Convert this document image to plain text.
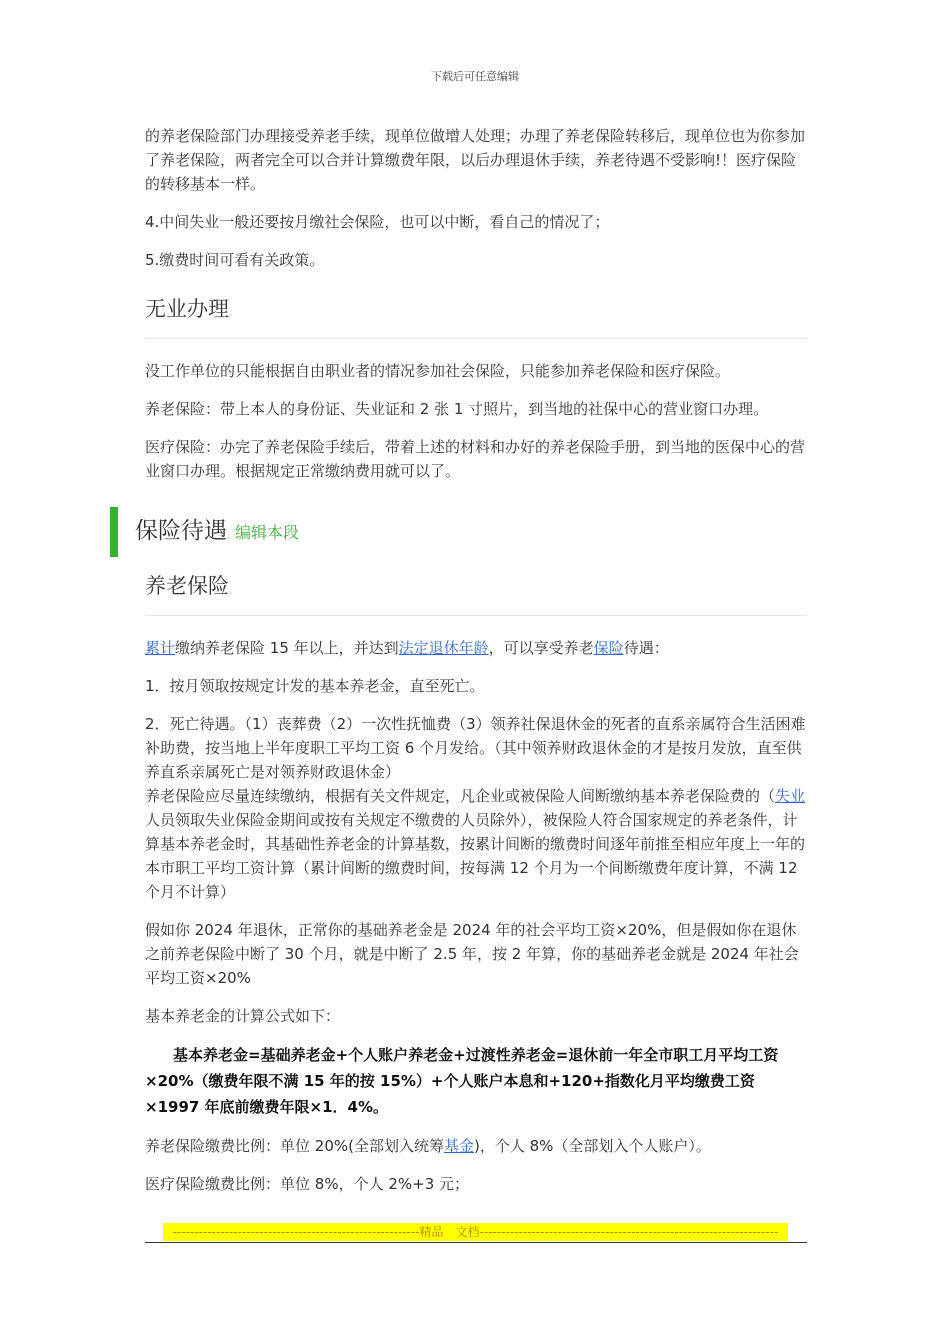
下载后可任意编辑

的养老保险部门办理接受养老手续，现单位做增人处理；办理了养老保险转移后，现单位也为你参加了养老保险，两者完全可以合并计算缴费年限，以后办理退休手续，养老待遇不受影响!！医疗保险的转移基本一样。

4.中间失业一般还要按月缴社会保险，也可以中断，看自己的情况了；

5.缴费时间可看有关政策。

无业办理。

没工作单位的只能根据自由职业者的情况参加社会保险，只能参加养老保险和医疗保险。

养老保险：带上本人的身份证、失业证和 2 张 1 寸照片，到当地的社保中心的营业窗口办理。

医疗保险：办完了养老保险手续后，带着上述的材料和办好的养老保险手册，到当地的医保中心的营业窗口办理。根据规定正常缴纳费用就可以了。

保险待遇。编辑本段
养老保险。

累计缴纳养老保险 15 年以上，并达到法定退休年龄，可以享受养老保险待遇：

1．按月领取按规定计发的基本养老金，直至死亡。

2．死亡待遇。（1）丧葬费（2）一次性抚恤费（3）领养社保退休金的死者的直系亲属符合生活困难补助费，按当地上半年度职工平均工资 6 个月发给。（其中领养财政退休金的才是按月发放，直至供养直系亲属死亡是对领养财政退休金）

养老保险应尽量连续缴纳，根据有关文件规定，凡企业或被保险人间断缴纳基本养老保险费的（失业人员领取失业保险金期间或按有关规定不缴费的人员除外），被保险人符合国家规定的养老条件，计算基本养老金时，其基础性养老金的计算基数，按累计间断的缴费时间逐年前推至相应年度上一年的本市职工平均工资计算（累计间断的缴费时间，按每满 12 个月为一个间断缴费年度计算，不满 12 个月不计算）

假如你 2024 年退休，正常你的基础养老金是 2024 年的社会平均工资×20%，但是假如你在退休之前养老保险中断了 30 个月，就是中断了 2.5 年，按 2 年算，你的基础养老金就是 2024 年社会平均工资×20%

基本养老金的计算公式如下：

基本养老金=基础养老金+个人账户养老金+过渡性养老金=退休前一年全市职工月平均工资×20%（缴费年限不满 15 年的按 15%）+个人账户本息和+120+指数化月平均缴费工资×1997 年底前缴费年限×1．4%。

养老保险缴费比例：单位 20%(全部划入统筹基金)，个人 8%（全部划入个人账户）。

医疗保险缴费比例：单位 8%，个人 2%+3 元；

---------------------------------------------------------精品　文档---------------------------------------------------------------------
